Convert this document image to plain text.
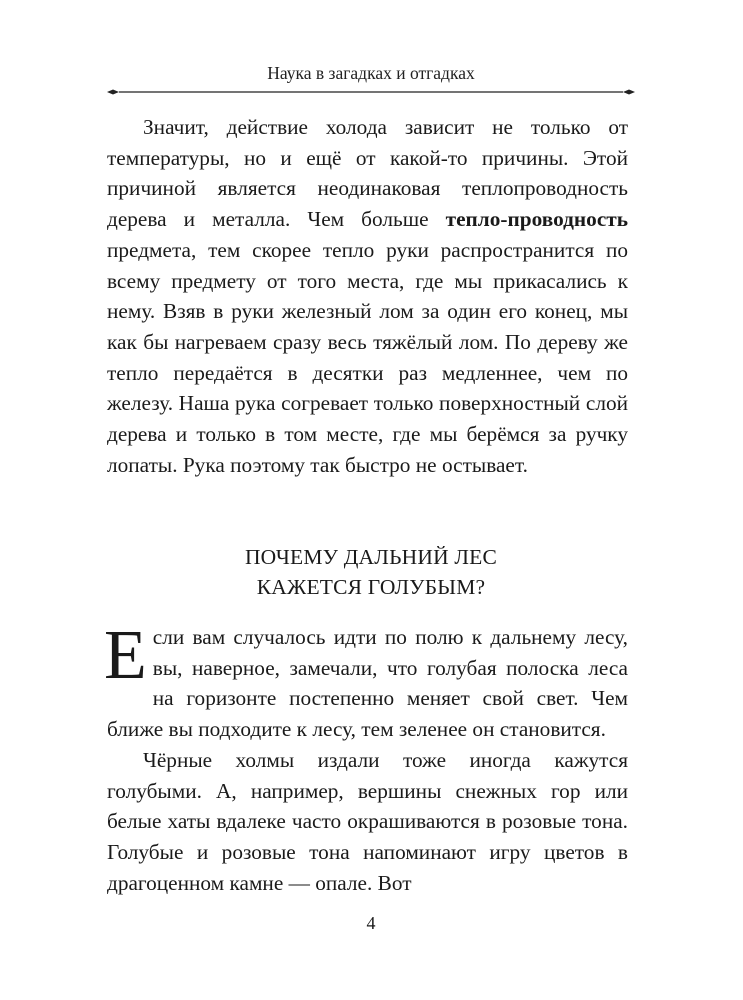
Наука в загадках и отгадках

Значит, действие холода зависит не только от температуры, но и ещё от какой-то причины. Этой причиной является неодинаковая теплопроводность дерева и металла. Чем больше тепло-проводность предмета, тем скорее тепло руки распространится по всему предмету от того места, где мы прикасались к нему. Взяв в руки железный лом за один его конец, мы как бы нагреваем сразу весь тяжёлый лом. По дереву же тепло передаётся в десятки раз медленнее, чем по железу. Наша рука согревает только поверхностный слой дерева и только в том месте, где мы берёмся за ручку лопаты. Рука поэтому так быстро не остывает.

ПОЧЕМУ ДАЛЬНИЙ ЛЕС
КАЖЕТСЯ ГОЛУБЫМ?

Если вам случалось идти по полю к дальнему лесу, вы, наверное, замечали, что голубая полоска леса на горизонте постепенно меняет свой свет. Чем ближе вы подходите к лесу, тем зеленее он становится.

Чёрные холмы издали тоже иногда кажутся голубыми. А, например, вершины снежных гор или белые хаты вдалеке часто окрашиваются в розовые тона. Голубые и розовые тона напоминают игру цветов в драгоценном камне — опале. Вот

4
